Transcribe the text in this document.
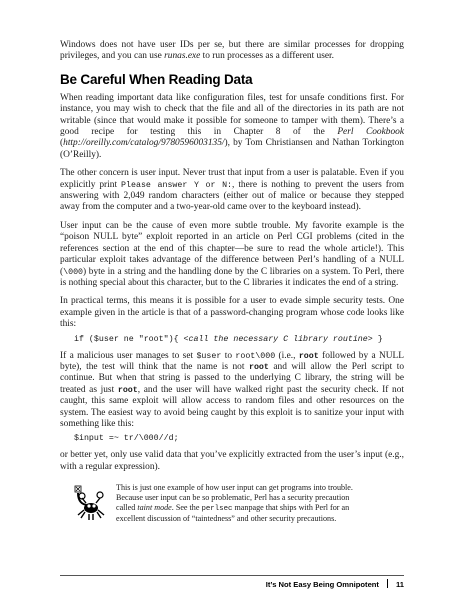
Windows does not have user IDs per se, but there are similar processes for dropping privileges, and you can use runas.exe to run processes as a different user.

Be Careful When Reading Data

When reading important data like configuration files, test for unsafe conditions first. For instance, you may wish to check that the file and all of the directories in its path are not writable (since that would make it possible for someone to tamper with them). There’s a good recipe for testing this in Chapter 8 of the Perl Cookbook (http://oreilly.com/catalog/9780596003135/), by Tom Christiansen and Nathan Torkington (O’Reilly).

The other concern is user input. Never trust that input from a user is palatable. Even if you explicitly print Please answer Y or N:, there is nothing to prevent the users from answering with 2,049 random characters (either out of malice or because they stepped away from the computer and a two-year-old came over to the keyboard instead).

User input can be the cause of even more subtle trouble. My favorite example is the “poison NULL byte” exploit reported in an article on Perl CGI problems (cited in the references section at the end of this chapter—be sure to read the whole article!). This particular exploit takes advantage of the difference between Perl’s handling of a NULL (\000) byte in a string and the handling done by the C libraries on a system. To Perl, there is nothing special about this character, but to the C libraries it indicates the end of a string.

In practical terms, this means it is possible for a user to evade simple security tests. One example given in the article is that of a password-changing program whose code looks like this:

if ($user ne "root"){ <call the necessary C library routine> }

If a malicious user manages to set $user to root\000 (i.e., root followed by a NULL byte), the test will think that the name is not root and will allow the Perl script to continue. But when that string is passed to the underlying C library, the string will be treated as just root, and the user will have walked right past the security check. If not caught, this same exploit will allow access to random files and other resources on the system. The easiest way to avoid being caught by this exploit is to sanitize your input with something like this:

$input =~ tr/\000//d;

or better yet, only use valid data that you’ve explicitly extracted from the user’s input (e.g., with a regular expression).

This is just one example of how user input can get programs into trouble. Because user input can be so problematic, Perl has a security precaution called taint mode. See the perlsec manpage that ships with Perl for an excellent discussion of “taintedness” and other security precautions.
It’s Not Easy Being Omnipotent 11
